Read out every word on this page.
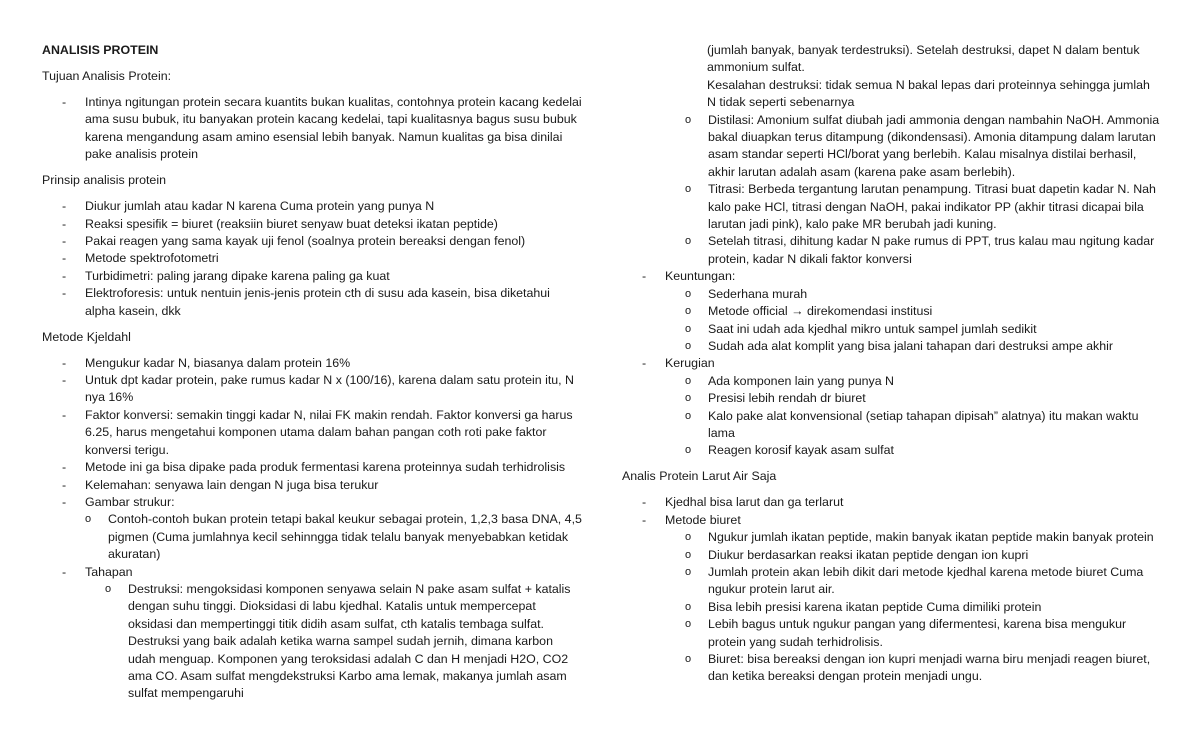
ANALISIS PROTEIN

Tujuan Analisis Protein:

- Intinya ngitungan protein secara kuantits bukan kualitas, contohnya protein kacang kedelai ama susu bubuk, itu banyakan protein kacang kedelai, tapi kualitasnya bagus susu bubuk karena mengandung asam amino esensial lebih banyak. Namun kualitas ga bisa dinilai pake analisis protein

Prinsip analisis protein

- Diukur jumlah atau kadar N karena Cuma protein yang punya N
- Reaksi spesifik = biuret (reaksiin biuret senyaw buat deteksi ikatan peptide)
- Pakai reagen yang sama kayak uji fenol (soalnya protein bereaksi dengan fenol)
- Metode spektrofotometri
- Turbidimetri: paling jarang dipake karena paling ga kuat
- Elektroforesis: untuk nentuin jenis-jenis protein cth di susu ada kasein, bisa diketahui alpha kasein, dkk

Metode Kjeldahl

- Mengukur kadar N, biasanya dalam protein 16%
- Untuk dpt kadar protein, pake rumus kadar N x (100/16), karena dalam satu protein itu, N nya 16%
- Faktor konversi: semakin tinggi kadar N, nilai FK makin rendah. Faktor konversi ga harus 6.25, harus mengetahui komponen utama dalam bahan pangan coth roti pake faktor konversi terigu.
- Metode ini ga bisa dipake pada produk fermentasi karena proteinnya sudah terhidrolisis
- Kelemahan: senyawa lain dengan N juga bisa terukur
- Gambar strukur:
o Contoh-contoh bukan protein tetapi bakal keukur sebagai protein, 1,2,3 basa DNA, 4,5 pigmen (Cuma jumlahnya kecil sehinngga tidak telalu banyak menyebabkan ketidak akuratan)
- Tahapan
o Destruksi: mengoksidasi komponen senyawa selain N pake asam sulfat + katalis dengan suhu tinggi. Dioksidasi di labu kjedhal. Katalis untuk mempercepat oksidasi dan mempertinggi titik didih asam sulfat, cth katalis tembaga sulfat. Destruksi yang baik adalah ketika warna sampel sudah jernih, dimana karbon udah menguap. Komponen yang teroksidasi adalah C dan H menjadi H2O, CO2 ama CO. Asam sulfat mengdekstruksi Karbo ama lemak, makanya jumlah asam sulfat mempengaruhi

(jumlah banyak, banyak terdestruksi). Setelah destruksi, dapet N dalam bentuk ammonium sulfat.

Kesalahan destruksi: tidak semua N bakal lepas dari proteinnya sehingga jumlah N tidak seperti sebenarnya

o Distilasi: Amonium sulfat diubah jadi ammonia dengan nambahin NaOH. Ammonia bakal diuapkan terus ditampung (dikondensasi). Amonia ditampung dalam larutan asam standar seperti HCl/borat yang berlebih. Kalau misalnya distilai berhasil, akhir larutan adalah asam (karena pake asam berlebih).
o Titrasi: Berbeda tergantung larutan penampung. Titrasi buat dapetin kadar N. Nah kalo pake HCl, titrasi dengan NaOH, pakai indikator PP (akhir titrasi dicapai bila larutan jadi pink), kalo pake MR berubah jadi kuning.
o Setelah titrasi, dihitung kadar N pake rumus di PPT, trus kalau mau ngitung kadar protein, kadar N dikali faktor konversi
- Keuntungan:
o Sederhana murah
o Metode official → direkomendasi institusi
o Saat ini udah ada kjedhal mikro untuk sampel jumlah sedikit
o Sudah ada alat komplit yang bisa jalani tahapan dari destruksi ampe akhir
- Kerugian
o Ada komponen lain yang punya N
o Presisi lebih rendah dr biuret
o Kalo pake alat konvensional (setiap tahapan dipisah” alatnya) itu makan waktu lama
o Reagen korosif kayak asam sulfat

Analis Protein Larut Air Saja

- Kjedhal bisa larut dan ga terlarut
- Metode biuret
o Ngukur jumlah ikatan peptide, makin banyak ikatan peptide makin banyak protein
o Diukur berdasarkan reaksi ikatan peptide dengan ion kupri
o Jumlah protein akan lebih dikit dari metode kjedhal karena metode biuret Cuma ngukur protein larut air.
o Bisa lebih presisi karena ikatan peptide Cuma dimiliki protein
o Lebih bagus untuk ngukur pangan yang difermentesi, karena bisa mengukur protein yang sudah terhidrolisis.
o Biuret: bisa bereaksi dengan ion kupri menjadi warna biru menjadi reagen biuret, dan ketika bereaksi dengan protein menjadi ungu.
